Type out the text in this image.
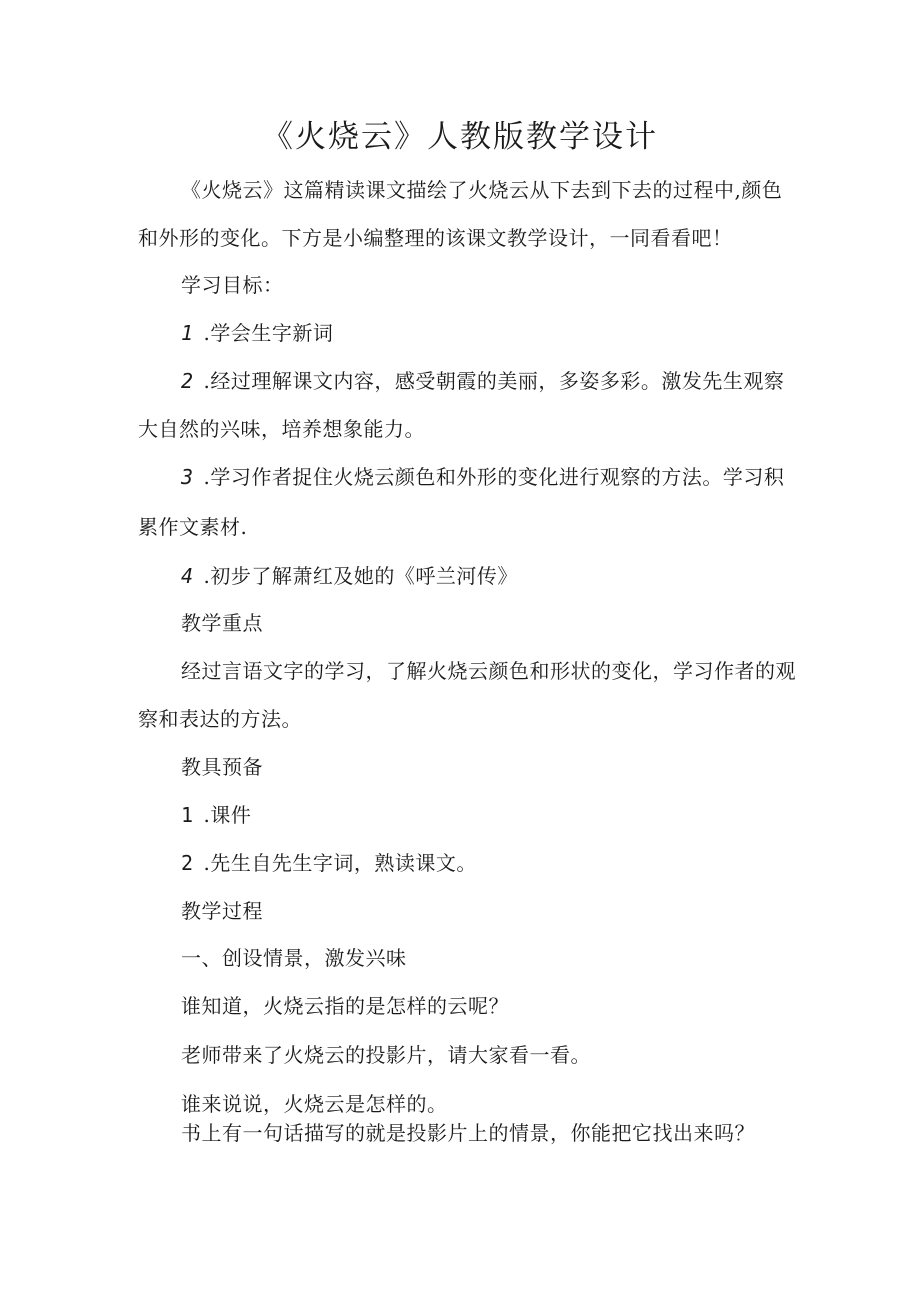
《火烧云》人教版教学设计

《火烧云》这篇精读课文描绘了火烧云从下去到下去的过程中,颜色

和外形的变化。下方是小编整理的该课文教学设计，一同看看吧！

学习目标：

1 .学会生字新词

2 .经过理解课文内容，感受朝霞的美丽，多姿多彩。激发先生观察

大自然的兴味，培养想象能力。

3 .学习作者捉住火烧云颜色和外形的变化进行观察的方法。学习积

累作文素材.

4 .初步了解萧红及她的《呼兰河传》

教学重点

经过言语文字的学习，了解火烧云颜色和形状的变化，学习作者的观

察和表达的方法。

教具预备

1 .课件

2 .先生自先生字词，熟读课文。

教学过程

一、创设情景，激发兴味

谁知道，火烧云指的是怎样的云呢？

老师带来了火烧云的投影片，请大家看一看。

谁来说说，火烧云是怎样的。

书上有一句话描写的就是投影片上的情景，你能把它找出来吗？
